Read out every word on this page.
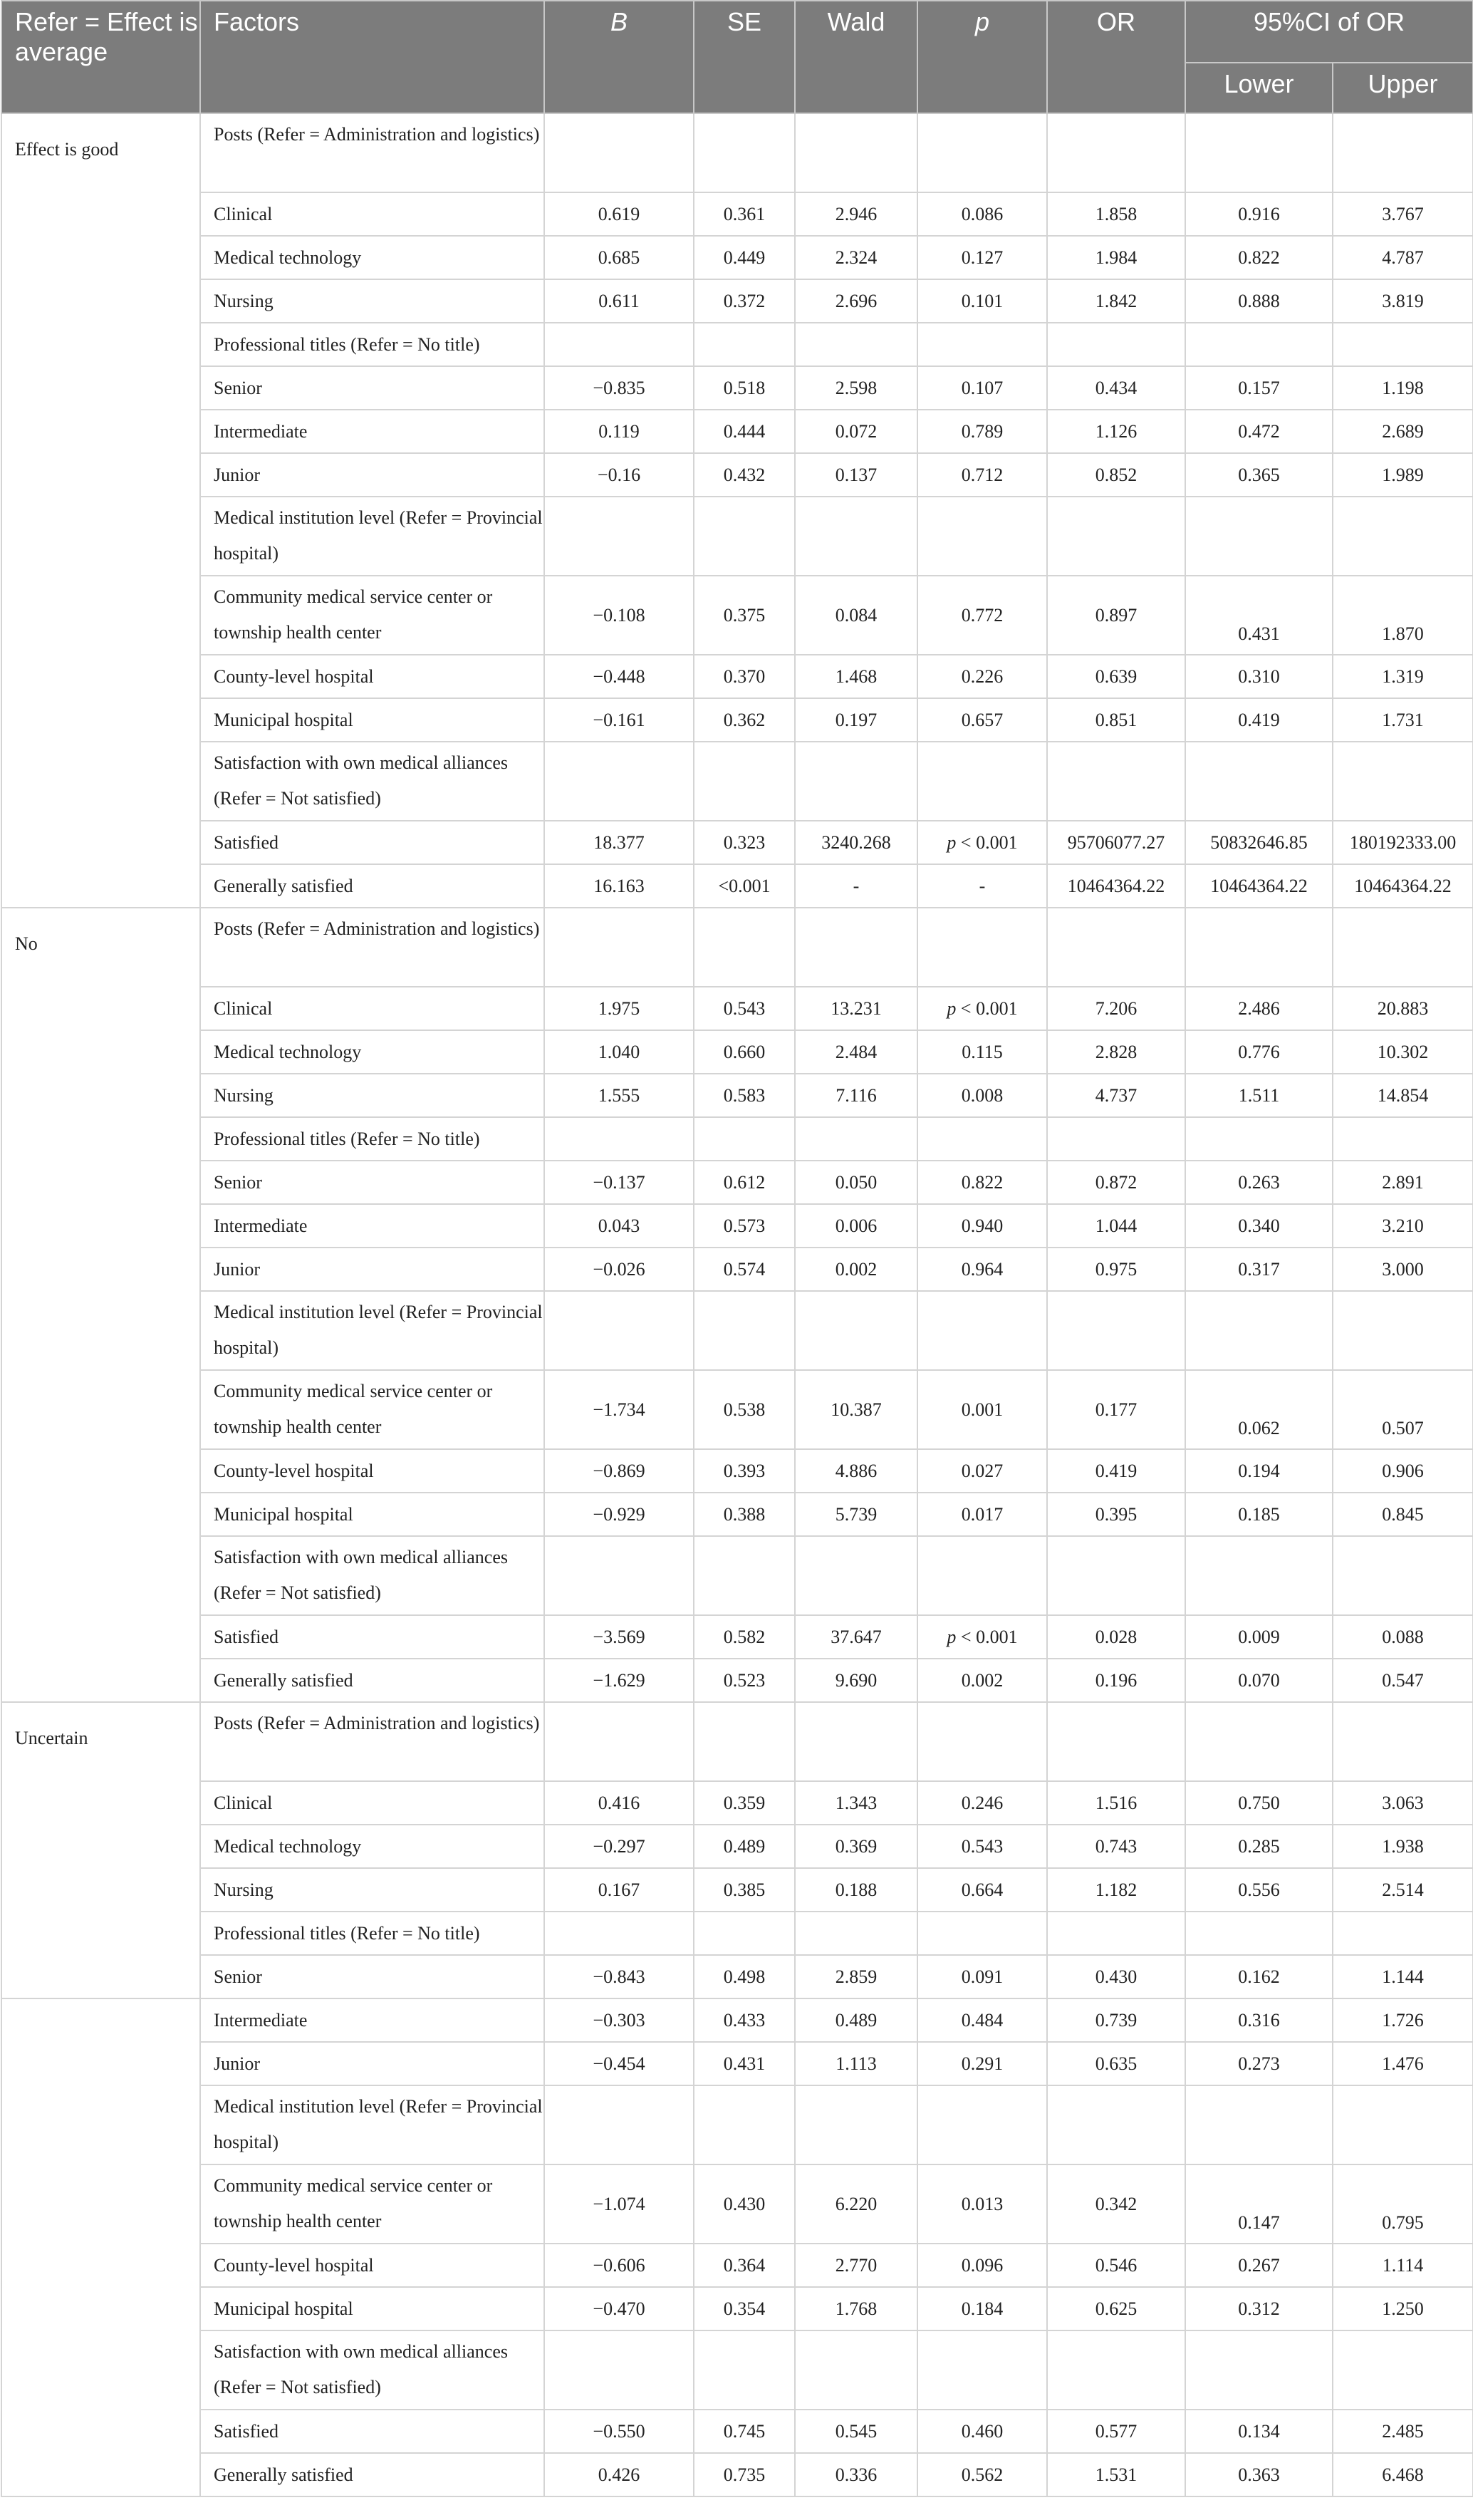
Refer = Effect is average	Factors	B	SE	Wald	p	OR	95%CI of OR	
							Lower	Upper
Effect is good	Posts (Refer = Administration and logistics)							
	Clinical	0.619	0.361	2.946	0.086	1.858	0.916	3.767
	Medical technology	0.685	0.449	2.324	0.127	1.984	0.822	4.787
	Nursing	0.611	0.372	2.696	0.101	1.842	0.888	3.819
	Professional titles (Refer = No title)							
	Senior	−0.835	0.518	2.598	0.107	0.434	0.157	1.198
	Intermediate	0.119	0.444	0.072	0.789	1.126	0.472	2.689
	Junior	−0.16	0.432	0.137	0.712	0.852	0.365	1.989
	Medical institution level (Refer = Provincial hospital)							
	Community medical service center or township health center	−0.108	0.375	0.084	0.772	0.897	0.431	1.870
	County-level hospital	−0.448	0.370	1.468	0.226	0.639	0.310	1.319
	Municipal hospital	−0.161	0.362	0.197	0.657	0.851	0.419	1.731
	Satisfaction with own medical alliances (Refer = Not satisfied)							
	Satisfied	18.377	0.323	3240.268	p < 0.001	95706077.27	50832646.85	180192333.00
	Generally satisfied	16.163	<0.001	-	-	10464364.22	10464364.22	10464364.22
No	Posts (Refer = Administration and logistics)							
	Clinical	1.975	0.543	13.231	p < 0.001	7.206	2.486	20.883
	Medical technology	1.040	0.660	2.484	0.115	2.828	0.776	10.302
	Nursing	1.555	0.583	7.116	0.008	4.737	1.511	14.854
	Professional titles (Refer = No title)							
	Senior	−0.137	0.612	0.050	0.822	0.872	0.263	2.891
	Intermediate	0.043	0.573	0.006	0.940	1.044	0.340	3.210
	Junior	−0.026	0.574	0.002	0.964	0.975	0.317	3.000
	Medical institution level (Refer = Provincial hospital)							
	Community medical service center or township health center	−1.734	0.538	10.387	0.001	0.177	0.062	0.507
	County-level hospital	−0.869	0.393	4.886	0.027	0.419	0.194	0.906
	Municipal hospital	−0.929	0.388	5.739	0.017	0.395	0.185	0.845
	Satisfaction with own medical alliances (Refer = Not satisfied)							
	Satisfied	−3.569	0.582	37.647	p < 0.001	0.028	0.009	0.088
	Generally satisfied	−1.629	0.523	9.690	0.002	0.196	0.070	0.547
Uncertain	Posts (Refer = Administration and logistics)							
	Clinical	0.416	0.359	1.343	0.246	1.516	0.750	3.063
	Medical technology	−0.297	0.489	0.369	0.543	0.743	0.285	1.938
	Nursing	0.167	0.385	0.188	0.664	1.182	0.556	2.514
	Professional titles (Refer = No title)							
	Senior	−0.843	0.498	2.859	0.091	0.430	0.162	1.144
	Intermediate	−0.303	0.433	0.489	0.484	0.739	0.316	1.726
	Junior	−0.454	0.431	1.113	0.291	0.635	0.273	1.476
	Medical institution level (Refer = Provincial hospital)							
	Community medical service center or township health center	−1.074	0.430	6.220	0.013	0.342	0.147	0.795
	County-level hospital	−0.606	0.364	2.770	0.096	0.546	0.267	1.114
	Municipal hospital	−0.470	0.354	1.768	0.184	0.625	0.312	1.250
	Satisfaction with own medical alliances (Refer = Not satisfied)							
	Satisfied	−0.550	0.745	0.545	0.460	0.577	0.134	2.485
	Generally satisfied	0.426	0.735	0.336	0.562	1.531	0.363	6.468
